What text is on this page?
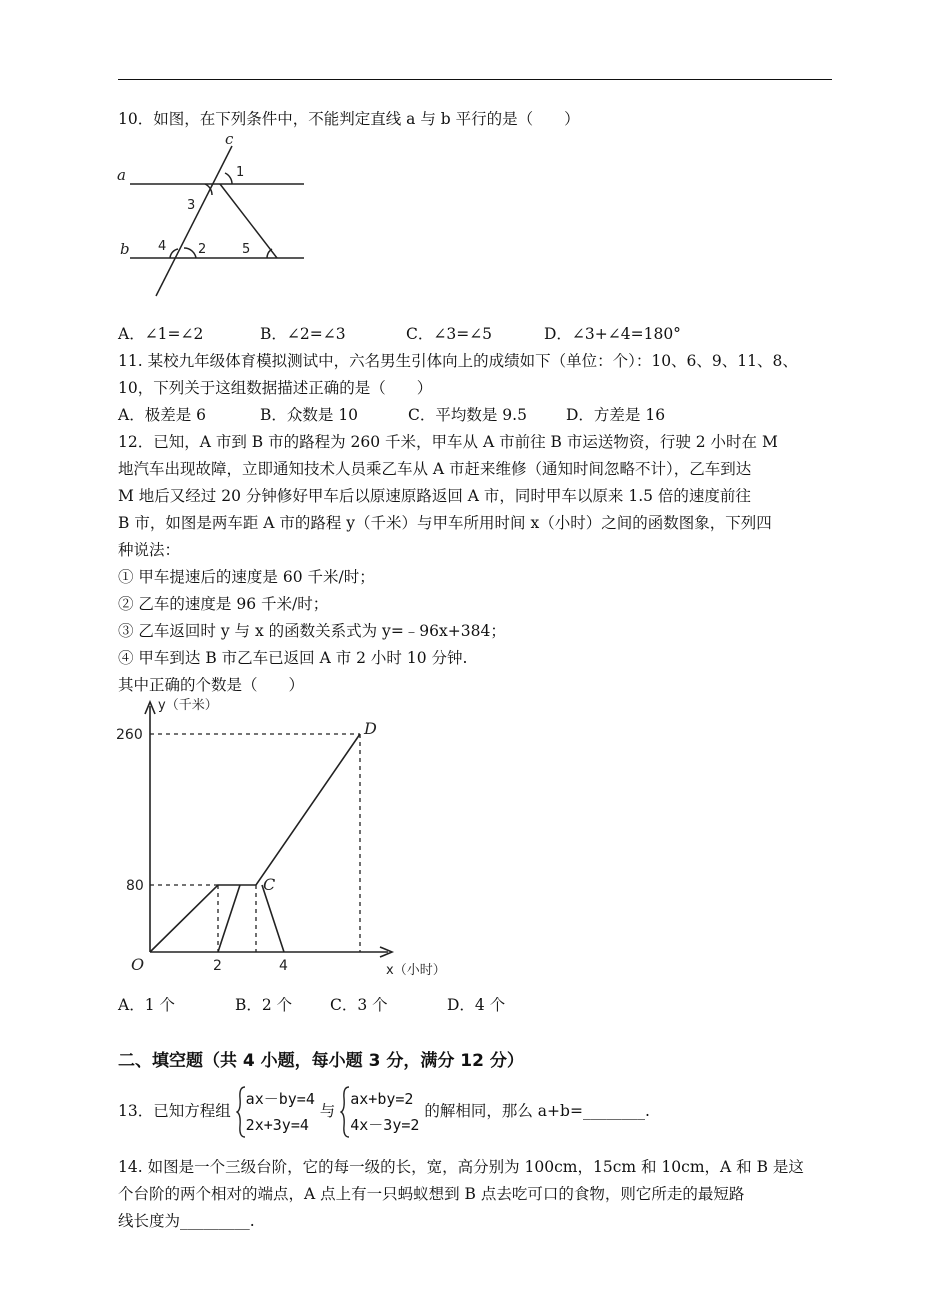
10．如图，在下列条件中，不能判定直线 a 与 b 平行的是（　　）
a
b
c
1
3
4 2	5
A．∠1=∠2	B．∠2=∠3	C．∠3=∠5	D．∠3+∠4=180°
11. 某校九年级体育模拟测试中，六名男生引体向上的成绩如下（单位：个）：10、6、9、11、8、
10，下列关于这组数据描述正确的是（　　）
A．极差是 6	B．众数是 10	C．平均数是 9.5	D．方差是 16
12．已知，A 市到 B 市的路程为 260 千米，甲车从 A 市前往 B 市运送物资，行驶 2 小时在 M
地汽车出现故障，立即通知技术人员乘乙车从 A 市赶来维修（通知时间忽略不计），乙车到达
M 地后又经过 20 分钟修好甲车后以原速原路返回 A 市，同时甲车以原来 1.5 倍的速度前往
B 市，如图是两车距 A 市的路程 y（千米）与甲车所用时间 x（小时）之间的函数图象，下列四
种说法：
① 甲车提速后的速度是 60 千米/时；
② 乙车的速度是 96 千米/时；
③ 乙车返回时 y 与 x 的函数关系式为 y=﹣96x+384；
④ 甲车到达 B 市乙车已返回 A 市 2 小时 10 分钟.
其中正确的个数是（　　）
260
80
2	4
y（千米）
x（小时）
O
C
D
A．1 个	B．2 个 C．3 个	D．4 个
二、填空题（共 4 小题，每小题 3 分，满分 12 分）
13．已知方程组
ax－by=4
2x+3y=4
与
ax+by=2
4x－3y=2
的解相同，那么 a+b=________.
14. 如图是一个三级台阶，它的每一级的长，宽，高分别为 100cm，15cm 和 10cm，A 和 B 是这
个台阶的两个相对的端点，A 点上有一只蚂蚁想到 B 点去吃可口的食物，则它所走的最短路
线长度为_________.
